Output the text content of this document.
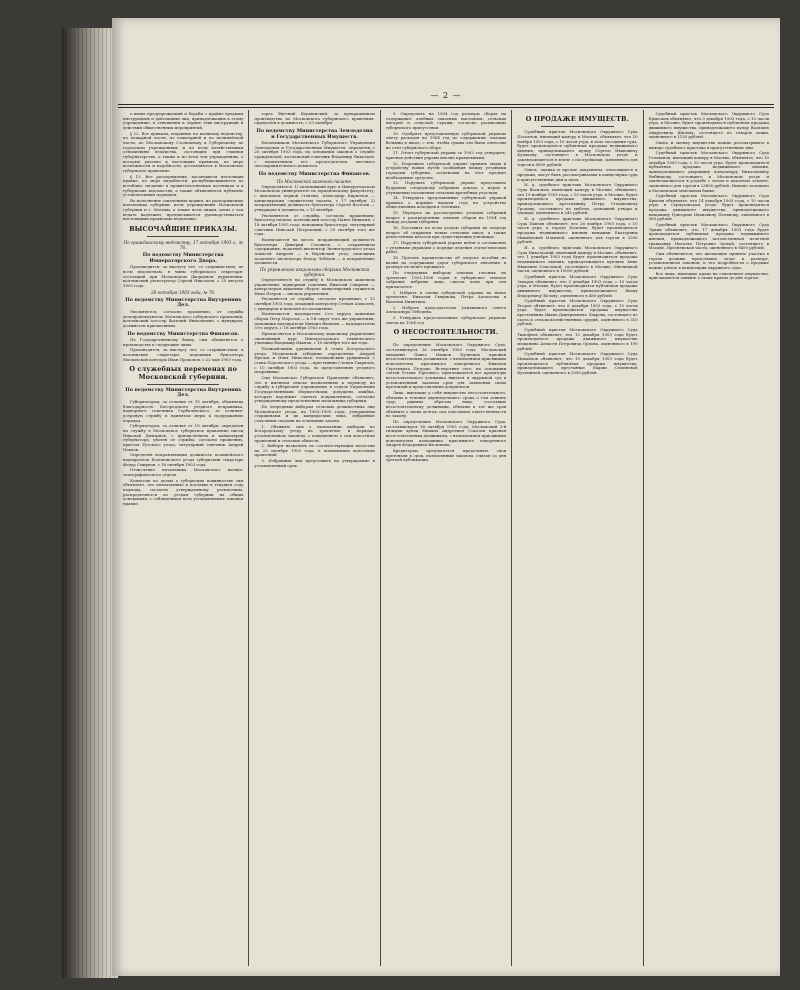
— 2 —

о вновь предупреждений и борьбы с крайне вредным инструкцией и действиями лиц, принадлежащих к этому учреждению, в отношении к охране этих инструкций и действий общественных мероприятий.

§ 12. Все приказы, изданные по военному ведомству, по пожарной части, по санитарной и по полицейской части, по Московскому Столичному и Губернскому по городским учреждениям, и по всем хозяйственным отношениям ведомства, состоящим при главном губернаторстве, а также и по всем тем учреждениям, о которых указано в настоящих правилах, по мере возможности и надобности, доставляются в Московское губернское правление.

§ 13. Все распоряжения, касающиеся настоящих правил, по мере надобности, распубликовываются во всеобщее сведение в правительственных вестниках и в губернских ведомостях, а также объявляются публично установленным порядком.

Во исполнение означенных правил, по распоряжению начальника губернии, всем учреждениям Московской губернии и г. Москвы, а также всем лицам, коим о том ведать надлежит, предписывается руководствоваться настоящими правилами неуклонно.

ВЫСОЧАЙШИЕ ПРИКАЗЫ.
По гражданскому ведомству, 17 октября 1903 г., № 76.
По ведомству Министерства Императорского Двора.

Производится, за выслугу лет, со старшинством, по всем ведомствам, в чины губернского секретаря: состоящий при Московском Дворцовом управлении, коллежский регистратор Сергей Николаев, с 25 августа 1903 года.

20 октября 1903 года, № 78.
По ведомству Министерства Внутренних Дел.

Увольняется, согласно прошению, от службы делопроизводитель Московского губернского правления, коллежский асессор Василий Николаевич, с мундиром, должности присвоенным.

По ведомству Министерства Финансов.

По Государственному банку, сим объявляется о производстве в следующие чины.

Производятся, за выслугу лет, со старшинством: в коллежские секретари: помощник бухгалтера Московской конторы Иван Прокопов, с 22 мая 1903 года.

О служебных переменах по Московской губернии.
По ведомству Министерства Внутренних Дел.

Губернатором, за отличие от 15 октября, объявлена благодарность: Богородского уездного исправника, надворного советника Горбачевского, за отлично-усердную службу и принятые меры к поддержанию порядка.

Губернатором, за отличие от 18 октября, определен на службу в Московское губернское правление писец Николай Дмитриев, с причислением к канцелярии губернатора; уволен от службы, согласно прошению, пристав Рузского уезда, титулярный советник Андрей Павлов.

Определен исправляющим должность полицейского надзирателя Коломенского уезда губернский секретарь Федор Смирнов, с 16 октября 1903 года.

Отчисление начальника Московского военно-топографического отдела.

Комиссия по делам о губернских повинностях сим объявляет, что назначенные к поставке в текущем году подводы, согласно утвержденному расписанию, распределяются по уездам губернии на общих основаниях, с соблюдением всех установленных законом правил.

торга Евгений Вершинский, за прекращением производства по Московского губернского правления, определен в должность, с 23 октября.

По ведомству Министерства Земледелия и Государственных Имуществ.

Начальником Московского Губернского Управления Земледелия и Государственных Имуществ, определен с 20 октября 1903 года, на основании законов о службе гражданской, коллежский советник Владимир Николаев, с назначением его председателем местного лесоохранительного комитета.

По ведомству Министерства Финансов.
По Московской казенной палате.

Определяются: 1) окончивший курс в Императорском Московском университете по юридическому факультету, с дипломом первой степени, Александр Кириллов — канцелярским служителем палаты, с 17 октября; 2) исправляющий должность бухгалтера Сергей Веселов — утвержден в должности, с 15 октября.

Увольняются от службы, согласно прошениям: бухгалтер палаты, коллежский асессор Павел Никитин, с 18 октября 1903 года; помощник бухгалтера, титулярный советник Николай Петровский, с 20 октября того же года.

Назначаются на места: исправляющий должность бухгалтера Дмитрий Соловьев, с сохранением содержания; податной инспектор Звенигородского уезда Алексей Андреев — в Верейский уезд; помощник податного инспектора Федор Лебедев — к исправлению должности.

По управлению акцизными сборами Московской губернии.

Определяются на службу в Московском акцизном управлении: надворный советник Николай Смирнов — контролером акцизных сборов; канцелярский служитель Иван Петров — писцом управления.

Увольняется от службы, согласно прошению, с 15 октября 1903 года, младший контролер Степан Алексеев, с мундиром и пенсией по положению.

Назначаются: надзиратель 2-го округа акцизных сборов Петр Морозов — в 3-й округ того же управления; помощник надзирателя Михаил Яковлев — надзирателем 5-го округа, с 18 октября 1903 года.

Причисляется к Московскому акцизному управлению окончивший курс Императорского технического училища Владимир Иванов, с 16 октября того же года.

Полицейскими урядниками 4 стана Богородского уезда, Московской губернии, определены: Андрей Фролов и Илья Николаев; полицейским урядником 2 стана Подольского уезда — крестьянин Степан Гаврилов, с 10 октября 1903 года, по представлению уездного исправника.

Сим Московское Губернское Правление объявляет, что в именном списке назначенных к переводу на службу в губернские учреждения, в отделе Управления Государственными Имуществами, допущена ошибка, которую надлежит считать исправленною, согласно утвержденному представлению начальника губернии.

По очередным выборам сельских должностных лиц Московского уезда, на 1903–1905 годы, утверждены старшинами и их кандидатами лица, избранные сельскими сходами на основании закона.

1. Объявить сим о назначении выборов по Богородскому уезду на трехлетие, в порядке, установленном законом, с извещением о сем волостных правлений и сельских обществ.

2. Выборы назначить по соответствующим волостям на 23 октября 1903 года, в помещениях волостных правлений.

3. Избранных лиц представить на утверждение в установленный срок.

9. Определить на 1904 год размеры сборов на содержание: хлебных запасных магазинов, сельских писарей и сельской стражи, согласно расписанию губернского присутствия.

10. Одобрить представленную губернской управою смету расходов на 1904 год по содержанию земских больниц и школ, с тем, чтобы суммы эти были отнесены на счет губернского сбора.

11. Отчет губернской управы за 1902 год утвердить, признав действия управы вполне правильными.

12. Разрешить губернской управе принять меры к устройству новых путей сообщения между уездными городами губернии, ассигновав на этот предмет необходимые средства.

13. Поручить губернской управе представить будущему очередному собранию доклад о мерах к улучшению положения сельских врачебных участков.

14. Утвердить предложенные губернской управой правила о порядке выдачи ссуд на устройство общественных колодцев в селениях.

15. Передать на рассмотрение уездных собраний вопрос о распределении земских сборов на 1904 год между уездами губернии.

16. Поставить по всем уездам губернии на очередь вопрос об открытии новых сельских школ, а также ремесленных классов при существующих училищах.

17. Поручить губернской управе войти в соглашение с уездными управами о порядке ведения статистических работ.

18. Просить правительство об отпуске пособия из казны на содержание дорог губернского значения, в размере не менее прежнего.

По очередным выборам земских гласных на трехлетие 1903–1906 годов в губернское земское собрание избраны лица, список коих при сем прилагается.

1. Избрать в члены губернской управы на новое трехлетие: Николая Смирнова, Петра Алексеева и Василия Никитина.

2. Избрать председателем училищного совета Александра Лебедева.

3. Утвердить представленные губернскою управою сметы на 1904 год.

О НЕСОСТОЯТЕЛЬНОСТИ.

По определению Московского Окружного Суда, состоявшемуся 16 октября 1903 года, Московский мещанин Павел Иванов Кузнецов признан несостоятельным должником, с назначением присяжным попечителем присяжного поверенного Николая Сергеевича Петрова. Вследствие сего, на основании статей Устава Торгового, приглашаются все кредиторы несостоятельного должника явиться в окружной суд в установленный законом срок для заявления своих претензий и представления документов.

Лица, имеющие у себя имущество несостоятельного, обязаны в течение двухнедельного срока о том заявить суду; равным образом лица, состоящие несостоятельному должными, обязаны в тот же срок объявить о своих долгах, под опасением ответственности по закону.

По определению Московского Окружного Суда, состоявшемуся 14 октября 1903 года, Московский 2-й гильдии купец Михаил Андреевич Соколов признан несостоятельным должником, с назначением присяжным попечителем помощника присяжного поверенного Андрея Федоровича Васильева.

Кредиторам предлагается представить свои претензии в срок, назначенный законом, считая со дня третьей публикации.

О ПРОДАЖЕ ИМУЩЕСТВ.

Судебный пристав Московского Окружного Суда Поспелов, имеющий камеру в Москве, объявляет, что 10 ноября 1903 года, с 10 часов утра, в зале заседания суда, будет производиться публичная продажа недвижимого имения, принадлежащего купцу Сергею Ивановичу Кулакову, состоящего в Московском уезде и заключающегося в земле с постройками, оцененного для торгов в 8500 рублей.

Опись, оценка и прочие документы, относящиеся к продаже, могут быть рассматриваемы в канцелярии суда в присутственные дни и часы.

И. д. судебного пристава Московского Окружного Суда Васильев, имеющий камеру в Москве, объявляет, что 19 ноября 1903 года, с 10 часов утра, в Москве, будет производиться продажа движимого имущества, принадлежащего крестьянину Петру Степановичу Громову, состоящего из мебели, домашней утвари и одежды, оцененного в 245 рублей.

И. д. судебного пристава Московского Окружного Суда Павлов объявляет, что 26 ноября 1903 года, с 10 часов утра, в городе Коломне, будет производиться продажа недвижимого имения мещанки Екатерины Михайловой Ильиной, оцененного для торгов в 3200 рублей.

И. д. судебного пристава Московского Окружного Суда Никольский, имеющий камеру в Москве, объявляет, что 1 декабря 1903 года будет производиться продажа недвижимого имения, принадлежащего купчихе Анне Ивановне Соколовой, состоящего в Москве, Мясницкой части, оцененного в 15000 рублей.

Судебный пристав Московского Окружного Суда Захаров объявляет, что 5 декабря 1903 года, с 10 часов утра, в Москве, будет производиться публичная продажа движимого имущества, принадлежащего Якову Федоровичу Белову, оцененного в 480 рублей.

Судебный пристав Московского Окружного Суда Егоров объявляет, что 8 декабря 1903 года, с 10 часов утра, будет производиться продажа имущества крестьянина Ивана Дмитриевича Лаврова, состоящего из скота и сельскохозяйственных орудий, оцененного в 310 рублей.

Судебный пристав Московского Окружного Суда Тимофеев объявляет, что 12 декабря 1903 года будет производиться продажа движимого имущества мещанина Алексея Петровича Орлова, оцененного в 190 рублей.

Судебный пристав Московского Окружного Суда Михайлов объявляет, что 15 декабря 1903 года будет производиться публичная продажа имущества, принадлежащего крестьянке Марии Семеновой Кузьминой, оцененного в 2050 рублей.

Судебный пристав Московского Окружного Суда Ермолаев объявляет, что 3 декабря 1903 года, с 10 часов утра, в Москве, будет производиться публичная продажа движимого имущества, принадлежащего купцу Василию Андреевичу Шилову, состоящего из товаров лавки, оцененного в 1150 рублей.

Опись и оценку имущества можно рассматривать в камере судебного пристава в присутственные дни.

Судебный пристав Московского Окружного Суда Голованов, имеющий камеру в Москве, объявляет, что 10 декабря 1903 года, с 10 часов утра, будет производиться публичная продажа недвижимого имения, принадлежащего дворянину Александру Николаевичу Рыбникову, состоящего в Московском уезде и заключающегося в усадьбе с лесом и пахотною землею, оцененного для торгов в 23800 рублей. Имение заложено в Московском земельном банке.

Судебный пристав Московского Окружного Суда Крылов объявляет, что 14 декабря 1903 года, с 10 часов утра, в Серпуховском уезде, будет производиться продажа движимого имущества, принадлежащего мещанину Григорию Ивановичу Полякову, оцененного в 560 рублей.

Судебный пристав Московского Окружного Суда Лукин объявляет, что 17 декабря 1903 года будет производиться публичная продажа недвижимого имения, принадлежащего потомственной почетной гражданке Наталье Петровне Зуевой, состоящего в Москве, Пресненской части, оцененного в 9400 рублей.

Сим объявляется, что желающие принять участие в торгах должны представить залог в размере, установленном законом, и что подробности о продаже можно узнать в канцелярии окружного суда.

Все лица, имеющие право на означенное имущество, приглашаются заявить о своих правах до дня торгов.
